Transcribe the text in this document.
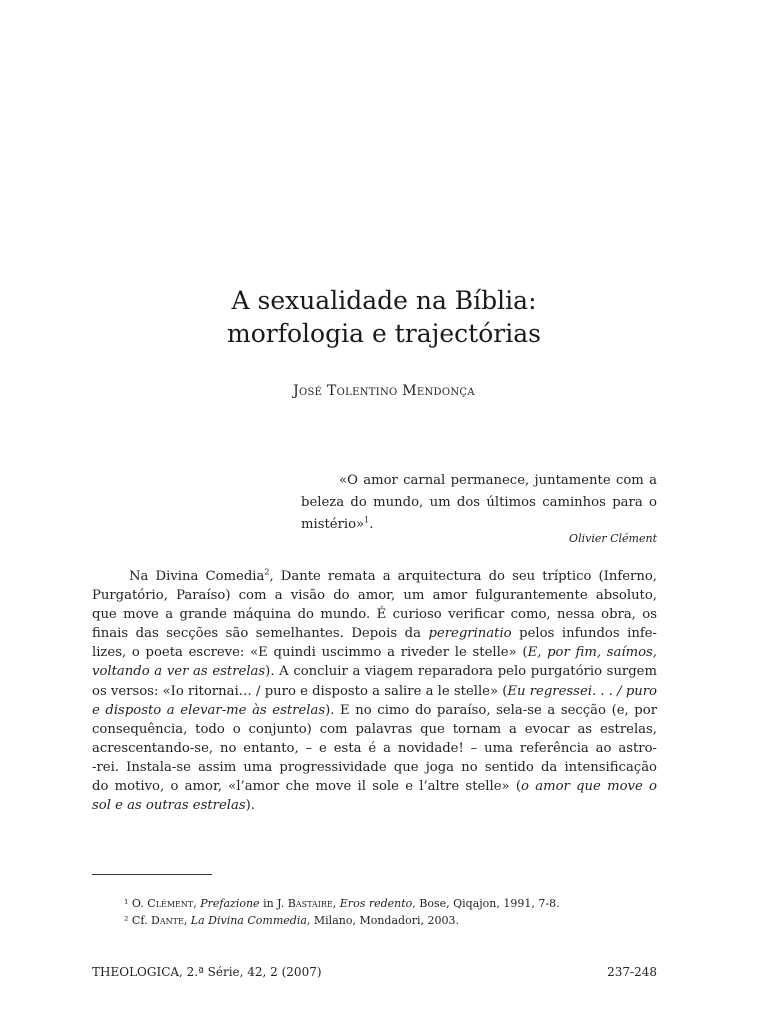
A sexualidade na Bíblia:
morfologia e trajectórias
José Tolentino Mendonça
«O amor carnal permanece, juntamente com a beleza do mundo, um dos últimos caminhos para o mistério»$^1$.
Olivier Clément
Na Divina Comedia$^2$, Dante remata a arquitectura do seu tríptico (Inferno,
Purgatório, Paraíso) com a visão do amor, um amor fulgurantemente absoluto,
que move a grande máquina do mundo. É curioso verificar como, nessa obra, os
finais das secções são semelhantes. Depois da peregrinatio pelos infundos infe-
lizes, o poeta escreve: «E quindi uscimmo a riveder le stelle» (E, por fim, saímos,
voltando a ver as estrelas). A concluir a viagem reparadora pelo purgatório surgem
os versos: «Io ritornai… / puro e disposto a salire a le stelle» (Eu regressei. . . / puro
e disposto a elevar-me às estrelas). E no cimo do paraíso, sela-se a secção (e, por
consequência, todo o conjunto) com palavras que tornam a evocar as estrelas,
acrescentando-se, no entanto, – e esta é a novidade! – uma referência ao astro-
-rei. Instala-se assim uma progressividade que joga no sentido da intensificação
do motivo, o amor, «l’amor che move il sole e l’altre stelle» (o amor que move o
sol e as outras estrelas).
¹ O. Clément, Prefazione in J. Bastaire, Eros redento, Bose, Qiqajon, 1991, 7-8.
² Cf. Dante, La Divina Commedia, Milano, Mondadori, 2003.
THEOLOGICA, 2.ª Série, 42, 2 (2007)	237-248
